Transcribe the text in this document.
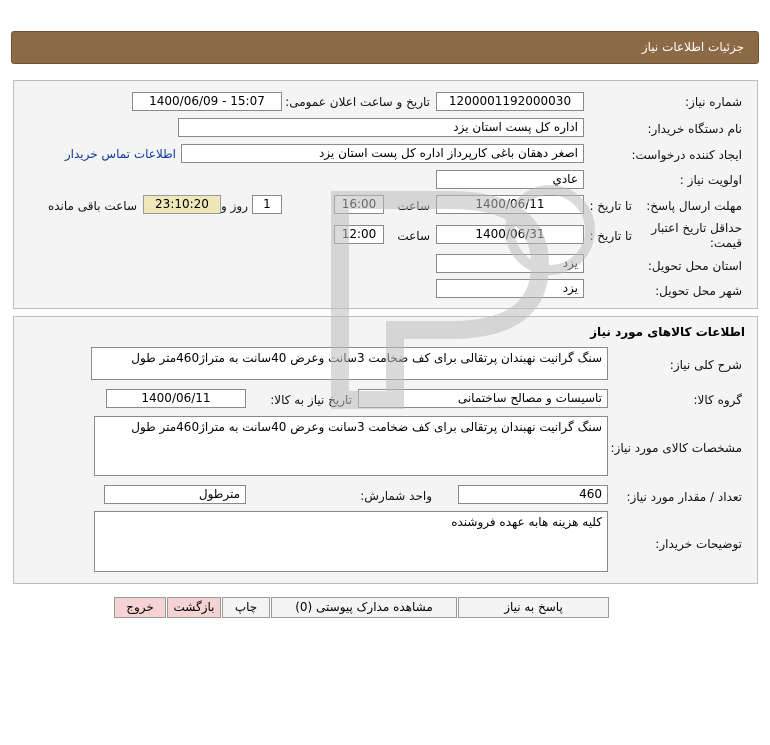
جزئیات اطلاعات نیاز
شماره نیاز:
1200001192000030
تاریخ و ساعت اعلان عمومی:
1400/06/09 - 15:07
نام دستگاه خریدار:
اداره کل پست استان یزد
ایجاد کننده درخواست:
اصغر دهقان باغی کارپرداز اداره کل پست استان یزد
اطلاعات تماس خریدار
اولویت نیاز :
عادي
مهلت ارسال پاسخ:
تا تاریخ :
1400/06/11
ساعت
16:00
1
روز و
23:10:20
ساعت باقی مانده
حداقل تاریخ اعتبار
قیمت:
تا تاریخ :
1400/06/31
ساعت
12:00
استان محل تحویل:
یزد
شهر محل تحویل:
یزد
اطلاعات کالاهای مورد نیاز
شرح کلی نیاز:
سنگ گرانیت نهبندان پرتقالی برای کف ضخامت 3سانت وعرض 40سانت به متراژ460متر طول
گروه کالا:
تاسیسات و مصالح ساختمانی
تاریخ نیاز به کالا:
1400/06/11
مشخصات کالای مورد نیاز:
سنگ گرانیت نهبندان پرتقالی برای کف ضخامت 3سانت وعرض 40سانت به متراژ460متر طول
تعداد / مقدار مورد نیاز:
460
واحد شمارش:
مترطول
توضیحات خریدار:
کلیه هزینه هابه عهده فروشنده
پاسخ به نیاز
مشاهده مدارک پیوستی (0)
چاپ
بازگشت
خروج
